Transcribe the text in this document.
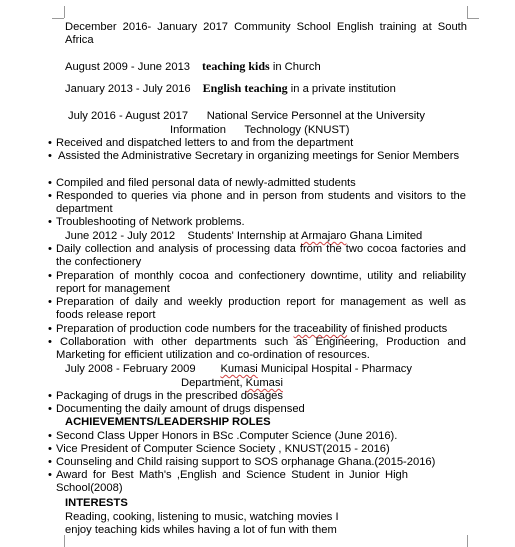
December 2016- January 2017 Community School English training at South Africa

August 2009 - June 2013 teaching kids in Church

January 2013 - July 2016 English teaching in a private institution

July 2016 - August 2017      National Service Personnel at the University

Information      Technology (KNUST)

• Received and dispatched letters to and from the department

• Assisted the Administrative Secretary in organizing meetings for Senior Members

• Compiled and filed personal data of newly-admitted students

• Responded to queries via phone and in person from students and visitors to the department

• Troubleshooting of Network problems.

June 2012 - July 2012    Students' Internship at Armajaro Ghana Limited

• Daily collection and analysis of processing data from the two cocoa factories and the confectionery

• Preparation of monthly cocoa and confectionery downtime, utility and reliability report for management

• Preparation of daily and weekly production report for management as well as foods release report

• Preparation of production code numbers for the traceability of finished products

• Collaboration with other departments such as Engineering, Production and Marketing for efficient utilization and co-ordination of resources.

July 2008 - February 2009        Kumasi Municipal Hospital - Pharmacy

Department, Kumasi

• Packaging of drugs in the prescribed dosages

• Documenting the daily amount of drugs dispensed

ACHIEVEMENTS/LEADERSHIP ROLES

• Second Class Upper Honors in BSc .Computer Science (June 2016).

• Vice President of Computer Science Society , KNUST(2015 - 2016)

• Counseling and Child raising support to SOS orphanage Ghana.(2015-2016)

• Award for Best Math's ,English and Science Student in Junior High School(2008)

INTERESTS

Reading, cooking, listening to music, watching movies I

enjoy teaching kids whiles having a lot of fun with them
